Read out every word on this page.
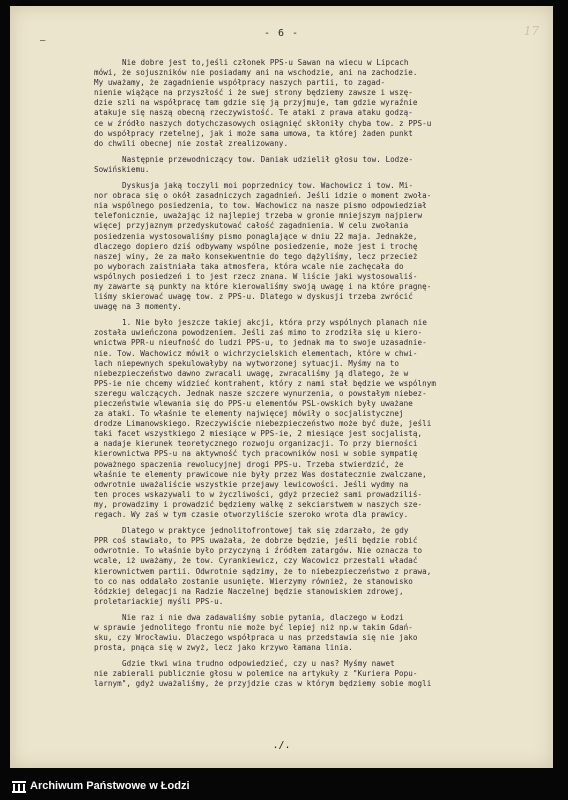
–
- 6 -	17
Nie dobre jest to,jeśli członek PPS-u Sawan na wiecu w Lipcach
mówi, że sojuszników nie posiadamy ani na wschodzie, ani na zachodzie.
My uważamy, że zagadnienie współpracy naszych partii, to zagad-
nienie wiążące na przyszłość i że swej strony będziemy zawsze i wszę-
dzie szli na współpracę tam gdzie się ją przyjmuje, tam gdzie wyraźnie
atakuje się naszą obecną rzeczywistość. Te ataki z prawa ataku godzą-
ce w źródło naszych dotychczasowych osiągnięć skłoniły chyba tow. z PPS-u
do współpracy rzetelnej, jak i może sama umowa, ta której żaden punkt
do chwili obecnej nie został zrealizowany.
Następnie przewodniczący tow. Daniak udzielił głosu tow. Lodze-
Sowińskiemu.
Dyskusja jaką toczyli moi poprzednicy tow. Wachowicz i tow. Mi-
nor obraca się o okół zasadniczych zagadnień. Jeśli idzie o moment zwoła-
nia wspólnego posiedzenia, to tow. Wachowicz na nasze pismo odpowiedział
telefonicznie, uważając iż najlepiej trzeba w gronie mniejszym najpierw
więcej przyjaznym przedyskutować całość zagadnienia. W celu zwołania
posiedzenia wystosowaliśmy pismo ponaglające w dniu 22 maja. Jednakże,
dlaczego dopiero dziś odbywamy wspólne posiedzenie, może jest i trochę
naszej winy, że za mało konsekwentnie do tego dążyliśmy, lecz przecież
po wyborach zaistniała taka atmosfera, która wcale nie zachęcała do
wspólnych posiedzeń i to jest rzecz znana. W liście jaki wystosowaliś-
my zawarte są punkty na które kierowaliśmy swoją uwagę i na które pragnę-
liśmy skierować uwagę tow. z PPS-u. Dlatego w dyskusji trzeba zwrócić
uwagę na 3 momenty.
1. Nie było jeszcze takiej akcji, która przy wspólnych planach nie
została uwieńczona powodzeniem. Jeśli zaś mimo to zrodziła się u kiero-
wnictwa PPR-u nieufność do ludzi PPS-u, to jednak ma to swoje uzasadnie-
nie. Tow. Wachowicz mówił o wichrzycielskich elementach, które w chwi-
lach niepewnych spekulowałyby na wytworzonej sytuacji. Myśmy na to
niebezpieczeństwo dawno zwracali uwagę, zwracaliśmy ją dlatego, że w
PPS-ie nie chcemy widzieć kontrahent, który z nami stał będzie we wspólnym
szeregu walczących. Jednak nasze szczere wynurzenia, o powstałym niebez-
pieczeństwie wlewania się do PPS-u elementów PSL-owskich były uważane
za ataki. To właśnie te elementy najwięcej mówiły o socjalistycznej
drodze Limanowskiego. Rzeczywiście niebezpieczeństwo może być duże, jeśli
taki facet wszystkiego 2 miesiące w PPS-ie, 2 miesiące jest socjalistą,
a nadaje kierunek teoretycznego rozwoju organizacji. To przy bierności
kierownictwa PPS-u na aktywność tych pracowników nosi w sobie sympatię
poważnego spaczenia rewolucyjnej drogi PPS-u. Trzeba stwierdzić, że
właśnie te elementy prawicowe nie były przez Was dostatecznie zwalczane,
odwrotnie uważaliście wszystkie przejawy lewicowości. Jeśli wydmy na
ten proces wskazywali to w życzliwości, gdyż przecież sami prowadziliś-
my, prowadzimy i prowadzić będziemy walkę z sekciarstwem w naszych sze-
regach. Wy zaś w tym czasie otworzyliście szeroko wrota dla prawicy.
Dlatego w praktyce jednolitofrontowej tak się zdarzało, że gdy
PPR coś stawiało, to PPS uważała, że dobrze będzie, jeśli będzie robić
odwrotnie. To właśnie było przyczyną i źródłem zatargów. Nie oznacza to
wcale, iż uważamy, że tow. Cyrankiewicz, czy Wacowicz przestali władać
kierownictwem partii. Odwrotnie sądzimy, że to niebezpieczeństwo z prawa,
to co nas oddalało zostanie usunięte. Wierzymy również, że stanowisko
łódzkiej delegacji na Radzie Naczelnej będzie stanowiskiem zdrowej,
proletariackiej myśli PPS-u.
Nie raz i nie dwa zadawaliśmy sobie pytania, dlaczego w Łodzi
w sprawie jednolitego frontu nie może być lepiej niż np.w takim Gdań-
sku, czy Wrocławiu. Dlaczego współpraca u nas przedstawia się nie jako
prosta, pnąca się w zwyż, lecz jako krzywo łamana linia.
Gdzie tkwi wina trudno odpowiedzieć, czy u nas? Myśmy nawet
nie zabierali publicznie głosu w polemice na artykuły z "Kuriera Popu-
larnym", gdyż uważaliśmy, że przyjdzie czas w którym będziemy sobie mogli
./.
Archiwum Państwowe w Łodzi
